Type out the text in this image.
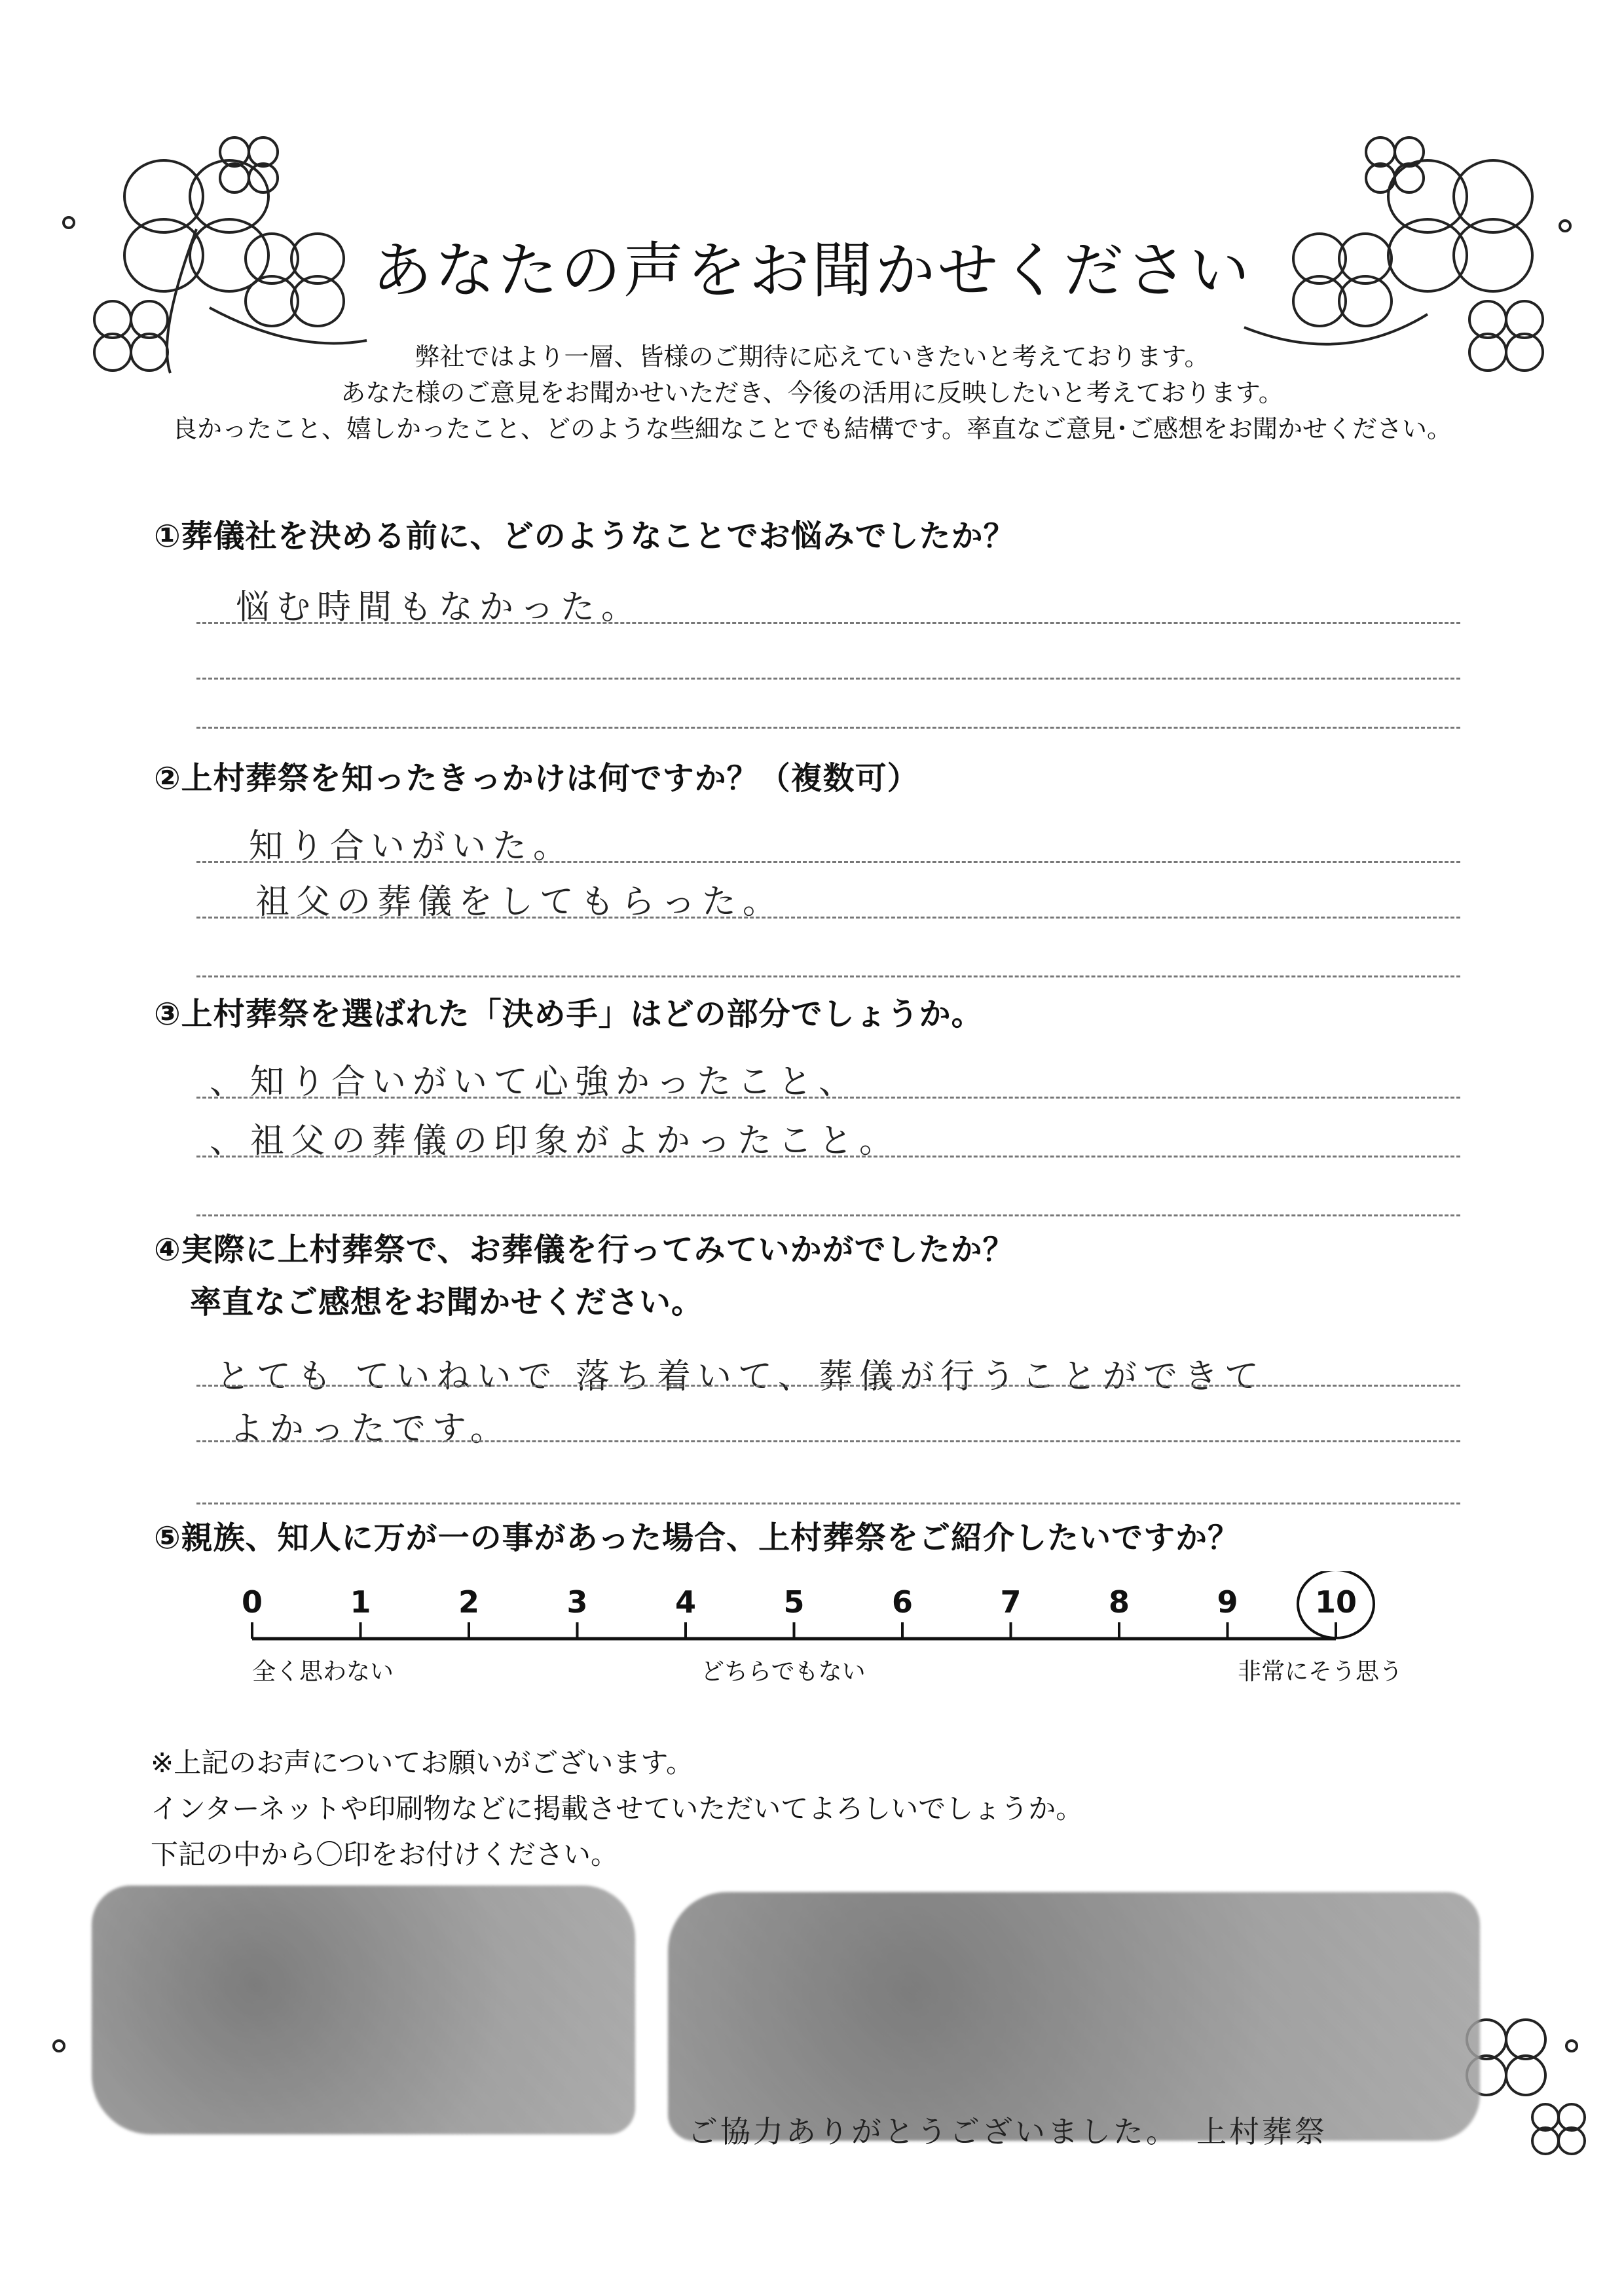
あなたの声をお聞かせください
弊社ではより一層、皆様のご期待に応えていきたいと考えております。
あなた様のご意見をお聞かせいただき、今後の活用に反映したいと考えております。
良かったこと、嬉しかったこと、どのような些細なことでも結構です。率直なご意見･ご感想をお聞かせください。
①葬儀社を決める前に、どのようなことでお悩みでしたか？
悩む時間もなかった。
②上村葬祭を知ったきっかけは何ですか？（複数可）
知り合いがいた。
祖父の葬儀をしてもらった。
③上村葬祭を選ばれた「決め手」はどの部分でしょうか。
、知り合いがいて心強かったこと、
、祖父の葬儀の印象がよかったこと。
④実際に上村葬祭で、お葬儀を行ってみていかがでしたか？
率直なご感想をお聞かせください。
とても ていねいで 落ち着いて、葬儀が行うことができて
よかったです。
⑤親族、知人に万が一の事があった場合、上村葬祭をご紹介したいですか？
0	1	2	3	4	5	6	7	8	9	10
全く思わない	どちらでもない	非常にそう思う
※上記のお声についてお願いがございます。
インターネットや印刷物などに掲載させていただいてよろしいでしょうか。
下記の中から〇印をお付けください。
ご協力ありがとうございました。　上村葬祭
